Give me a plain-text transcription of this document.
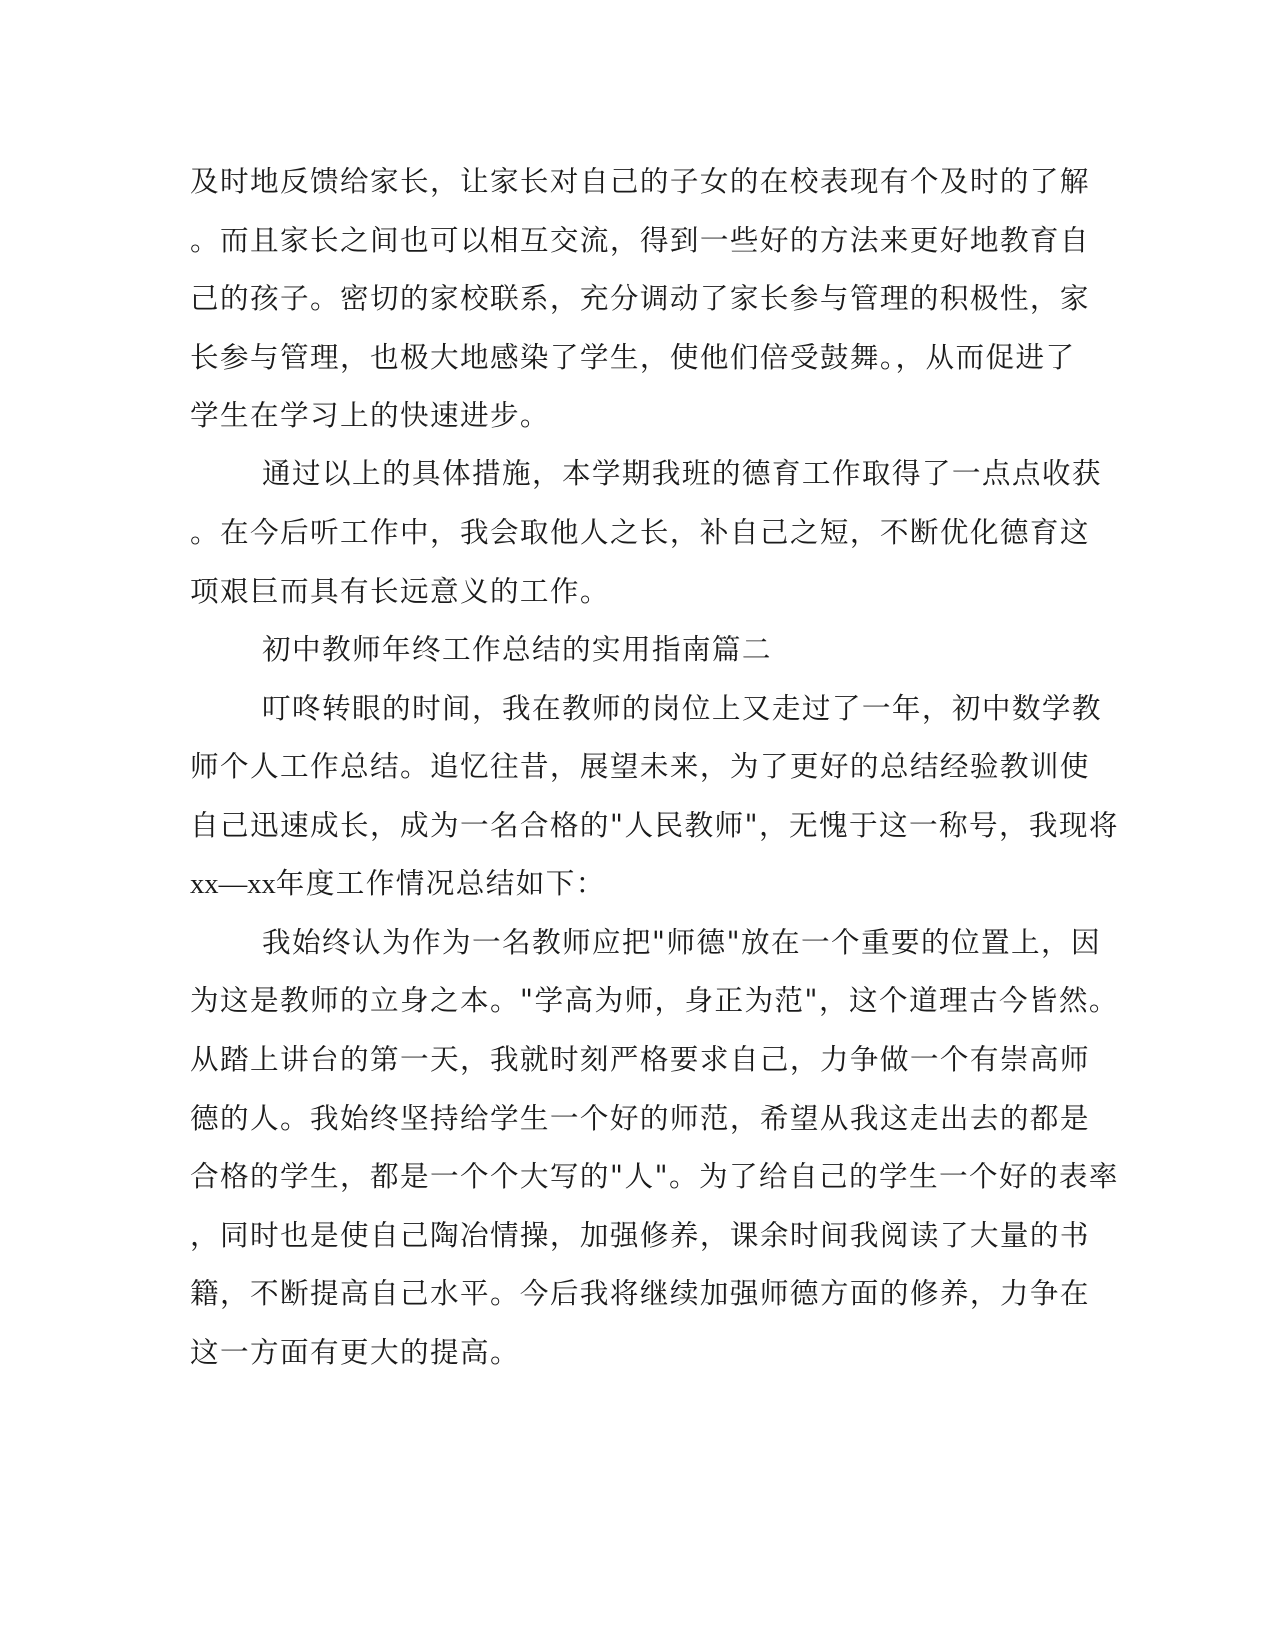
及时地反馈给家长，让家长对自己的子女的在校表现有个及时的了解

。而且家长之间也可以相互交流，得到一些好的方法来更好地教育自

己的孩子。密切的家校联系，充分调动了家长参与管理的积极性，家

长参与管理，也极大地感染了学生，使他们倍受鼓舞。，从而促进了

学生在学习上的快速进步。

通过以上的具体措施，本学期我班的德育工作取得了一点点收获

。在今后听工作中，我会取他人之长，补自己之短，不断优化德育这

项艰巨而具有长远意义的工作。

初中教师年终工作总结的实用指南篇二

叮咚转眼的时间，我在教师的岗位上又走过了一年，初中数学教

师个人工作总结。追忆往昔，展望未来，为了更好的总结经验教训使

自己迅速成长，成为一名合格的"人民教师"，无愧于这一称号，我现将

xx—xx年度工作情况总结如下：

我始终认为作为一名教师应把"师德"放在一个重要的位置上，因

为这是教师的立身之本。"学高为师，身正为范"，这个道理古今皆然。

从踏上讲台的第一天，我就时刻严格要求自己，力争做一个有崇高师

德的人。我始终坚持给学生一个好的师范，希望从我这走出去的都是

合格的学生，都是一个个大写的"人"。为了给自己的学生一个好的表率

，同时也是使自己陶冶情操，加强修养，课余时间我阅读了大量的书

籍，不断提高自己水平。今后我将继续加强师德方面的修养，力争在

这一方面有更大的提高。
